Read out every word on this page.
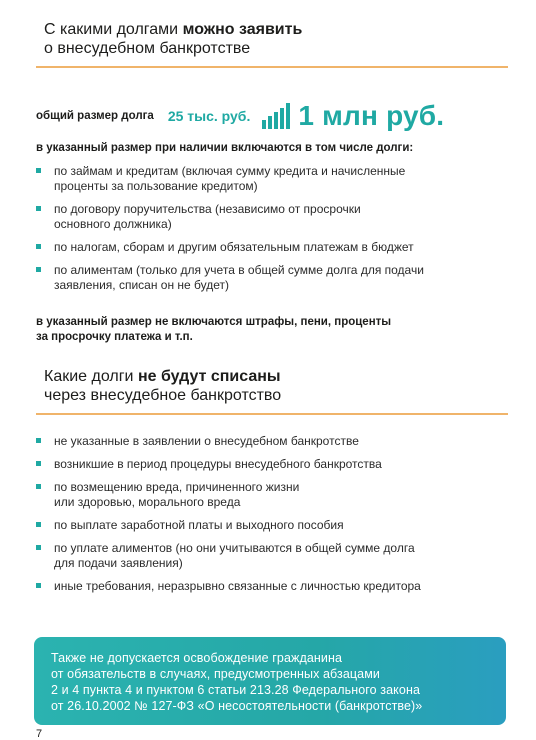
С какими долгами можно заявить
о внесудебном банкротстве
общий размер долга 25 тыс. руб. 1 млн руб.
в указанный размер при наличии включаются в том числе долги:
по займам и кредитам (включая сумму кредита и начисленные
проценты за пользование кредитом)
по договору поручительства (независимо от просрочки
основного должника)
по налогам, сборам и другим обязательным платежам в бюджет
по алиментам (только для учета в общей сумме долга для подачи
заявления, списан он не будет)
в указанный размер не включаются штрафы, пени, проценты
за просрочку платежа и т.п.
Какие долги не будут списаны
через внесудебное банкротство
не указанные в заявлении о внесудебном банкротстве
возникшие в период процедуры внесудебного банкротства
по возмещению вреда, причиненного жизни
или здоровью, морального вреда
по выплате заработной платы и выходного пособия
по уплате алиментов (но они учитываются в общей сумме долга
для подачи заявления)
иные требования, неразрывно связанные с личностью кредитора
Также не допускается освобождение гражданина
от обязательств в случаях, предусмотренных абзацами
2 и 4 пункта 4 и пунктом 6 статьи 213.28 Федерального закона
от 26.10.2002 № 127-ФЗ «О несостоятельности (банкротстве)»
7
